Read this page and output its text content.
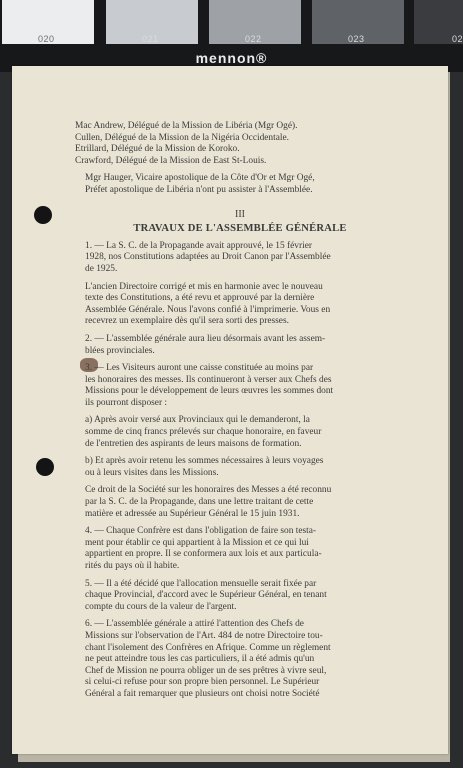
020	021	022	023	02
mennon®
Mac Andrew, Délégué de la Mission de Libéria (Mgr Ogé).
Cullen, Délégué de la Mission de la Nigéria Occidentale.
Etrillard, Délégué de la Mission de Koroko.
Crawford, Délégué de la Mission de East St-Louis.
Mgr Hauger, Vicaire apostolique de la Côte d'Or et Mgr Ogé,
Préfet apostolique de Libéria n'ont pu assister à l'Assemblée.
III
TRAVAUX DE L'ASSEMBLÉE GÉNÉRALE
1. — La S. C. de la Propagande avait approuvé, le 15 février
1928, nos Constitutions adaptées au Droit Canon par l'Assemblée
de 1925.
L'ancien Directoire corrigé et mis en harmonie avec le nouveau
texte des Constitutions, a été revu et approuvé par la dernière
Assemblée Générale. Nous l'avons confié à l'imprimerie. Vous en
recevrez un exemplaire dès qu'il sera sorti des presses.
2. — L'assemblée générale aura lieu désormais avant les assem-
blées provinciales.
3. — Les Visiteurs auront une caisse constituée au moins par
les honoraires des messes. Ils continueront à verser aux Chefs des
Missions pour le développement de leurs œuvres les sommes dont
ils pourront disposer :
a) Après avoir versé aux Provinciaux qui le demanderont, la
somme de cinq francs prélevés sur chaque honoraire, en faveur
de l'entretien des aspirants de leurs maisons de formation.
b) Et après avoir retenu les sommes nécessaires à leurs voyages
ou à leurs visites dans les Missions.
Ce droit de la Société sur les honoraires des Messes a été reconnu
par la S. C. de la Propagande, dans une lettre traitant de cette
matière et adressée au Supérieur Général le 15 juin 1931.
4. — Chaque Confrère est dans l'obligation de faire son testa-
ment pour établir ce qui appartient à la Mission et ce qui lui
appartient en propre. Il se conformera aux lois et aux particula-
rités du pays où il habite.
5. — Il a été décidé que l'allocation mensuelle serait fixée par
chaque Provincial, d'accord avec le Supérieur Général, en tenant
compte du cours de la valeur de l'argent.
6. — L'assemblée générale a attiré l'attention des Chefs de
Missions sur l'observation de l'Art. 484 de notre Directoire tou-
chant l'isolement des Confrères en Afrique. Comme un règlement
ne peut atteindre tous les cas particuliers, il a été admis qu'un
Chef de Mission ne pourra obliger un de ses prêtres à vivre seul,
si celui-ci refuse pour son propre bien personnel. Le Supérieur
Général a fait remarquer que plusieurs ont choisi notre Société
